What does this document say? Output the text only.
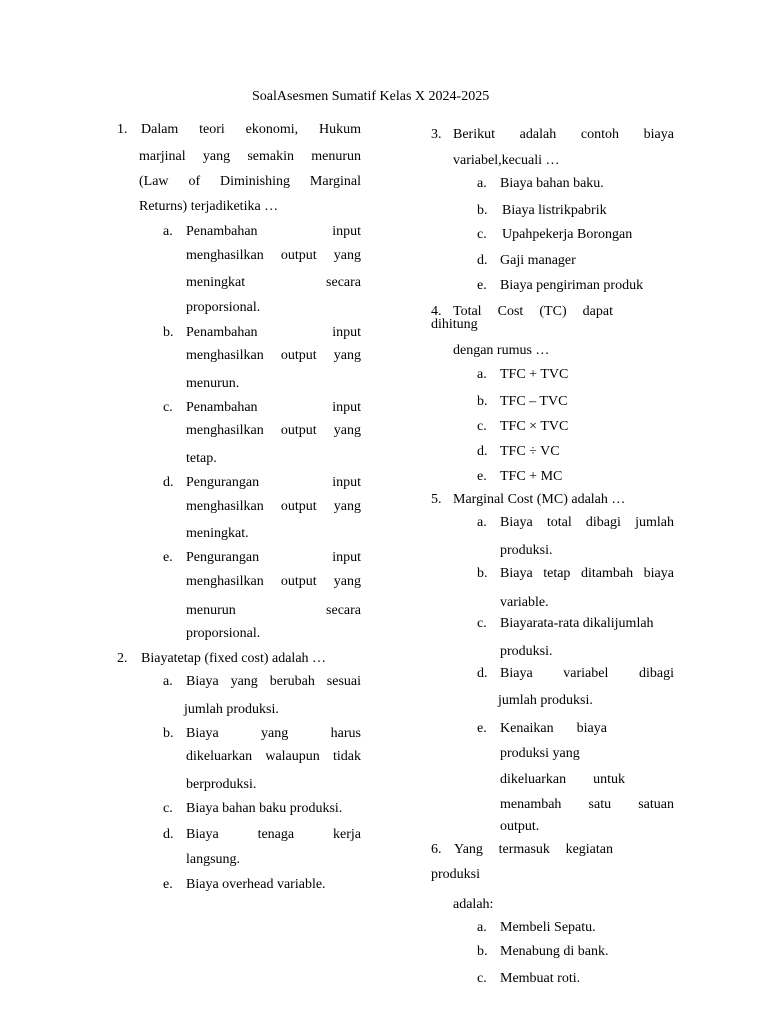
SoalAsesmen Sumatif Kelas X 2024-2025
1. Dalam teori ekonomi, Hukum
marjinal yang semakin menurun
(Law of Diminishing Marginal
Returns) terjadiketika …
a. Penambahan	input
menghasilkan output yang
meningkat	secara
proporsional.
b. Penambahan	input
menghasilkan output yang
menurun.
c. Penambahan	input
menghasilkan output yang
tetap.
d. Pengurangan	input
menghasilkan output yang
meningkat.
e. Pengurangan	input
menghasilkan output yang
menurun	secara
proporsional.
2. Biayatetap (fixed cost) adalah …
a. Biaya yang berubah sesuai
jumlah produksi.
b. Biaya	yang	harus
dikeluarkan walaupun tidak
berproduksi.
c. Biaya bahan baku produksi.
d. Biaya	tenaga	kerja
langsung.
e. Biaya overhead variable.
3. Berikut adalah contoh biaya
variabel,kecuali …
a. Biaya bahan baku.
b. Biaya listrikpabrik
c. Upahpekerja Borongan
d. Gaji manager
e. Biaya pengiriman produk
4. Total Cost (TC) dapat
dihitung
dengan rumus …
a. TFC + TVC
b. TFC – TVC
c. TFC × TVC
d. TFC ÷ VC
e. TFC + MC
5. Marginal Cost (MC) adalah …
a. Biaya total dibagi jumlah
produksi.
b. Biaya tetap ditambah biaya
variable.
c. Biayarata-rata dikalijumlah
produksi.
d. Biaya variabel dibagi
jumlah produksi.
e. Kenaikan biaya
produksi yang
dikeluarkan untuk
menambah satu satuan
output.
6. Yang termasuk kegiatan
produksi
adalah:
a. Membeli Sepatu.
b. Menabung di bank.
c. Membuat roti.
